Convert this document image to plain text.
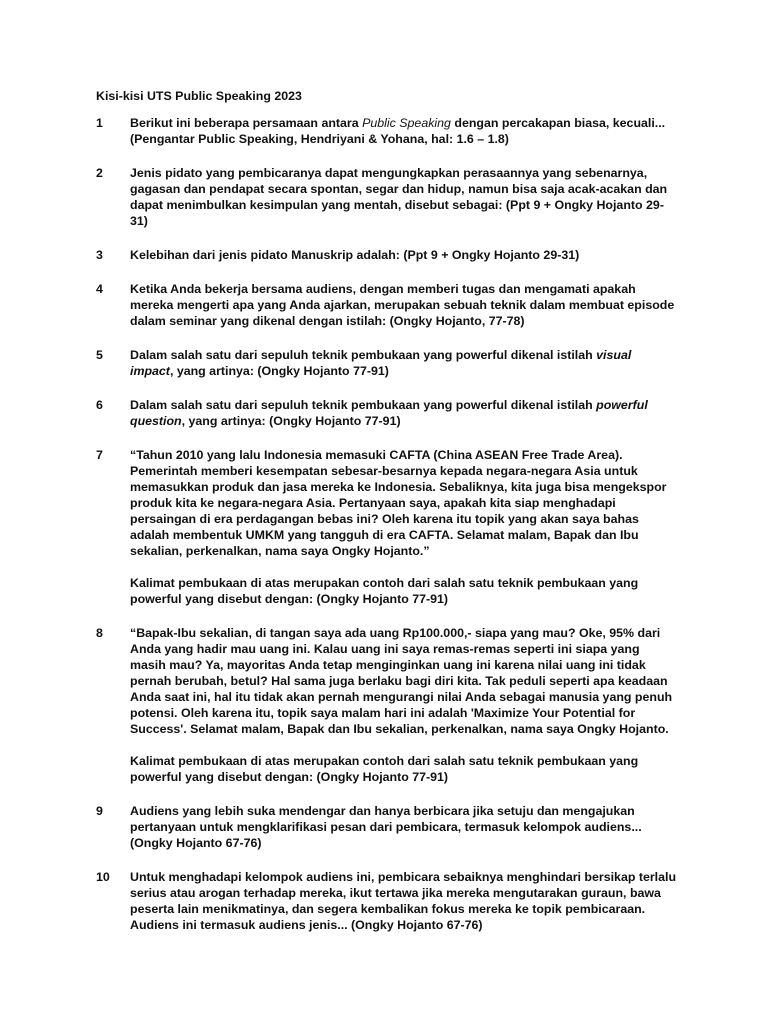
Kisi-kisi UTS Public Speaking 2023
1	Berikut ini beberapa persamaan antara Public Speaking dengan percakapan biasa, kecuali... (Pengantar Public Speaking, Hendriyani & Yohana, hal: 1.6 – 1.8)
2	Jenis pidato yang pembicaranya dapat mengungkapkan perasaannya yang sebenarnya, gagasan dan pendapat secara spontan, segar dan hidup, namun bisa saja acak-acakan dan dapat menimbulkan kesimpulan yang mentah, disebut sebagai: (Ppt 9 + Ongky Hojanto 29-31)
3	Kelebihan dari jenis pidato Manuskrip adalah: (Ppt 9 + Ongky Hojanto 29-31)
4	Ketika Anda bekerja bersama audiens, dengan memberi tugas dan mengamati apakah mereka mengerti apa yang Anda ajarkan, merupakan sebuah teknik dalam membuat episode dalam seminar yang dikenal dengan istilah: (Ongky Hojanto, 77-78)
5	Dalam salah satu dari sepuluh teknik pembukaan yang powerful dikenal istilah visual impact, yang artinya: (Ongky Hojanto 77-91)
6	Dalam salah satu dari sepuluh teknik pembukaan yang powerful dikenal istilah powerful question, yang artinya: (Ongky Hojanto 77-91)
7	“Tahun 2010 yang lalu Indonesia memasuki CAFTA (China ASEAN Free Trade Area). Pemerintah memberi kesempatan sebesar-besarnya kepada negara-negara Asia untuk memasukkan produk dan jasa mereka ke Indonesia. Sebaliknya, kita juga bisa mengekspor produk kita ke negara-negara Asia. Pertanyaan saya, apakah kita siap menghadapi persaingan di era perdagangan bebas ini? Oleh karena itu topik yang akan saya bahas adalah membentuk UMKM yang tangguh di era CAFTA. Selamat malam, Bapak dan Ibu sekalian, perkenalkan, nama saya Ongky Hojanto.”
Kalimat pembukaan di atas merupakan contoh dari salah satu teknik pembukaan yang powerful yang disebut dengan: (Ongky Hojanto 77-91)
8	“Bapak-Ibu sekalian, di tangan saya ada uang Rp100.000,- siapa yang mau? Oke, 95% dari Anda yang hadir mau uang ini. Kalau uang ini saya remas-remas seperti ini siapa yang masih mau? Ya, mayoritas Anda tetap menginginkan uang ini karena nilai uang ini tidak pernah berubah, betul? Hal sama juga berlaku bagi diri kita. Tak peduli seperti apa keadaan Anda saat ini, hal itu tidak akan pernah mengurangi nilai Anda sebagai manusia yang penuh potensi. Oleh karena itu, topik saya malam hari ini adalah 'Maximize Your Potential for Success'. Selamat malam, Bapak dan Ibu sekalian, perkenalkan, nama saya Ongky Hojanto.
Kalimat pembukaan di atas merupakan contoh dari salah satu teknik pembukaan yang powerful yang disebut dengan: (Ongky Hojanto 77-91)
9	Audiens yang lebih suka mendengar dan hanya berbicara jika setuju dan mengajukan pertanyaan untuk mengklarifikasi pesan dari pembicara, termasuk kelompok audiens... (Ongky Hojanto 67-76)
10	Untuk menghadapi kelompok audiens ini, pembicara sebaiknya menghindari bersikap terlalu serius atau arogan terhadap mereka, ikut tertawa jika mereka mengutarakan guraun, bawa peserta lain menikmatinya, dan segera kembalikan fokus mereka ke topik pembicaraan. Audiens ini termasuk audiens jenis... (Ongky Hojanto 67-76)
